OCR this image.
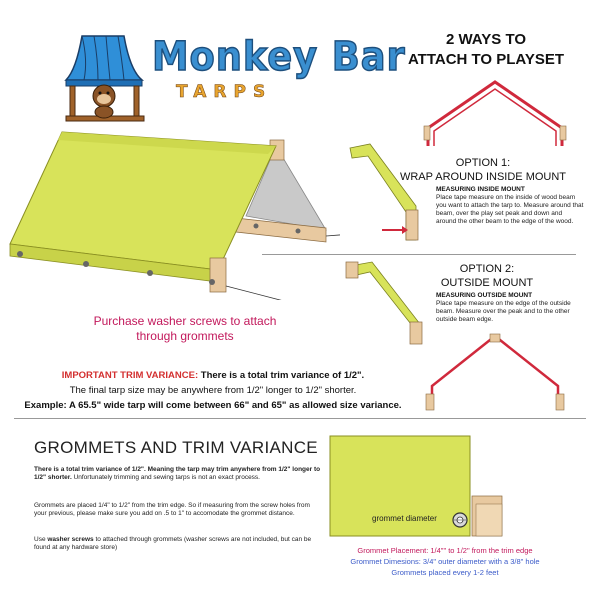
Monkey Bar
TARPS
2 WAYS TO
ATTACH TO PLAYSET
OPTION 1:
WRAP AROUND INSIDE MOUNT
MEASURING INSIDE MOUNT
Place tape measure on the inside of wood beam you want to attach the tarp to. Measure around that beam, over the play set peak and down and around the other beam to the edge of the wood.
OPTION 2:
OUTSIDE MOUNT
MEASURING OUTSIDE MOUNT
Place tape measure on the edge of the outside beam. Measure over the peak and to the other outside beam edge.
Purchase washer screws to attach
through grommets
IMPORTANT TRIM VARIANCE: There is a total trim variance of 1/2".
The final tarp size may be anywhere from 1/2" longer to 1/2" shorter.
Example: A 65.5" wide tarp will come between 66" and 65" as allowed size variance.
GROMMETS AND TRIM VARIANCE
There is a total trim variance of 1/2". Meaning the tarp may trim anywhere from 1/2" longer to 1/2" shorter. Unfortunately trimming and sewing tarps is not an exact process.
Grommets are placed 1/4" to 1/2" from the trim edge. So if measuring from the screw holes from your previous, please make sure you add on .5 to 1" to accomodate the grommet distance.
Use washer screws to attached through grommets (washer screws are not included, but can be found at any hardware store)
grommet diameter
Grommet Placement: 1/4"" to 1/2" from the trim edge
Grommet Dimesions: 3/4" outer diameter with a 3/8" hole
Grommets placed every 1-2 feet
